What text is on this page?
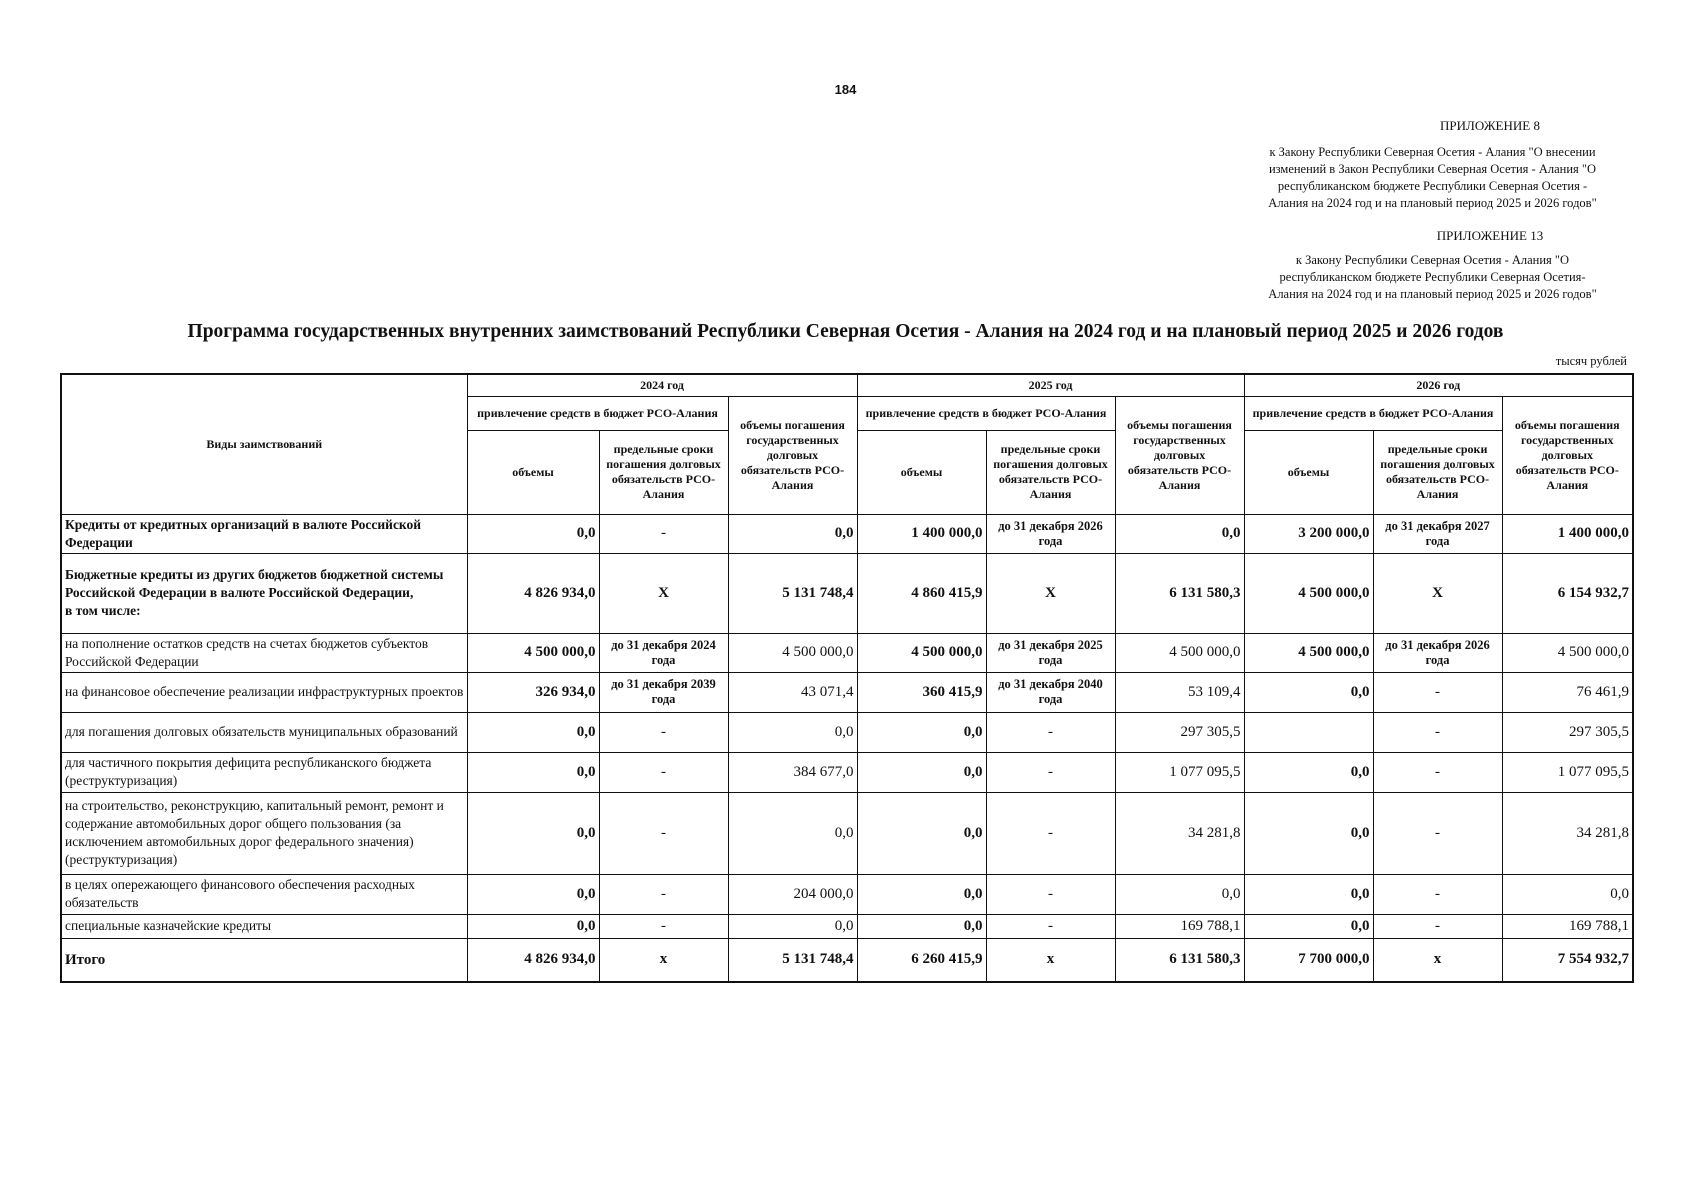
184
ПРИЛОЖЕНИЕ 8
к Закону Республики Северная Осетия - Алания "О внесении
изменений в Закон Республики Северная Осетия - Алания "О
республиканском бюджете Республики Северная Осетия -
Алания на 2024 год и на плановый период 2025 и 2026 годов"
ПРИЛОЖЕНИЕ 13
к Закону Республики Северная Осетия - Алания "О
республиканском бюджете Республики Северная Осетия-
Алания на 2024 год и на плановый период 2025 и 2026 годов"
Программа государственных внутренних заимствований Республики Северная Осетия - Алания на 2024 год и на плановый период 2025 и 2026 годов
тысяч рублей
Виды заимствований	2024 год			2025 год			2026 год		
	привлечение средств в бюджет РСО-Алания		объемы погашения государственных долговых обязательств РСО-Алания	привлечение средств в бюджет РСО-Алания		объемы погашения государственных долговых обязательств РСО-Алания	привлечение средств в бюджет РСО-Алания		объемы погашения государственных долговых обязательств РСО-Алания
	объемы	предельные сроки погашения долговых обязательств РСО-Алания		объемы	предельные сроки погашения долговых обязательств РСО-Алания		объемы	предельные сроки погашения долговых обязательств РСО-Алания	
Кредиты от кредитных организаций в валюте Российской Федерации	0,0	-	0,0	1 400 000,0	до 31 декабря 2026 года	0,0	3 200 000,0	до 31 декабря 2027 года	1 400 000,0
Бюджетные кредиты из других бюджетов бюджетной системы Российской Федерации в валюте Российской Федерации,
в том числе:	4 826 934,0	Х	5 131 748,4	4 860 415,9	Х	6 131 580,3	4 500 000,0	Х	6 154 932,7
на пополнение остатков средств на счетах бюджетов субъектов Российской Федерации	4 500 000,0	до 31 декабря 2024 года	4 500 000,0	4 500 000,0	до 31 декабря 2025 года	4 500 000,0	4 500 000,0	до 31 декабря 2026 года	4 500 000,0
на финансовое обеспечение реализации инфраструктурных проектов	326 934,0	до 31 декабря 2039 года	43 071,4	360 415,9	до 31 декабря 2040 года	53 109,4	0,0	-	76 461,9
для погашения долговых обязательств муниципальных образований	0,0	-	0,0	0,0	-	297 305,5		-	297 305,5
для частичного покрытия дефицита республиканского бюджета (реструктуризация)	0,0	-	384 677,0	0,0	-	1 077 095,5	0,0	-	1 077 095,5
на строительство, реконструкцию, капитальный ремонт, ремонт и содержание автомобильных дорог общего пользования (за исключением автомобильных дорог федерального значения) (реструктуризация)	0,0	-	0,0	0,0	-	34 281,8	0,0	-	34 281,8
в целях опережающего финансового обеспечения расходных обязательств	0,0	-	204 000,0	0,0	-	0,0	0,0	-	0,0
специальные казначейские кредиты	0,0	-	0,0	0,0	-	169 788,1	0,0	-	169 788,1
Итого	4 826 934,0	х	5 131 748,4	6 260 415,9	х	6 131 580,3	7 700 000,0	х	7 554 932,7
